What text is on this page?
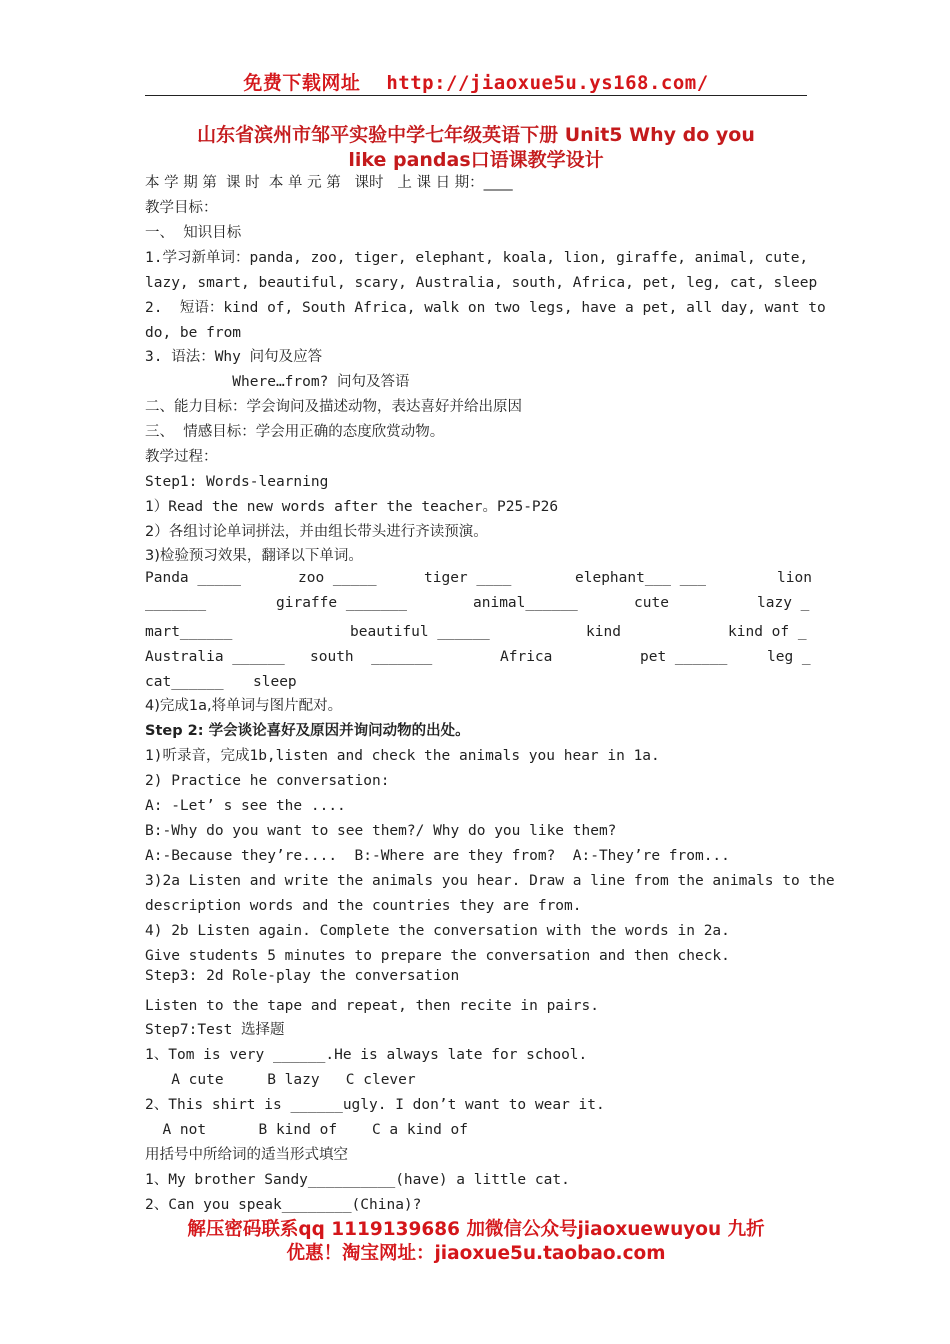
免费下载网址 http://jiaoxue5u.ys168.com/
山东省滨州市邹平实验中学七年级英语下册 Unit5 Why do you
like pandas口语课教学设计
本 学 期 第  课 时  本 单 元 第   课时   上 课 日 期：____
教学目标：
一、  知识目标
1.学习新单词：panda, zoo, tiger, elephant, koala, lion, giraffe, animal, cute,
lazy, smart, beautiful, scary, Australia, south, Africa, pet, leg, cat, sleep
2.  短语：kind of, South Africa, walk on two legs, have a pet, all day, want to
do, be from
3. 语法：Why 问句及应答
Where…from? 问句及答语
二、能力目标：学会询问及描述动物，表达喜好并给出原因
三、  情感目标：学会用正确的态度欣赏动物。
教学过程：
Step1: Words-learning
1）Read the new words after the teacher。P25-P26
2）各组讨论单词拼法，并由组长带头进行齐读预演。
3)检验预习效果，翻译以下单词。
Panda _____	zoo _____	tiger ____	elephant___ ___	lion
_______	giraffe _______	animal______	cute	lazy _
mart______	beautiful ______	kind	kind of _
Australia ______ south  _______	Africa	pet ______	leg _
cat______ sleep
4)完成1a,将单词与图片配对。
Step 2: 学会谈论喜好及原因并询问动物的出处。
1)听录音，完成1b,listen and check the animals you hear in 1a.
2) Practice he conversation:
A: -Let’ s see the ....
B:-Why do you want to see them?/ Why do you like them?
A:-Because they’re....  B:-Where are they from?  A:-They’re from...
3)2a Listen and write the animals you hear. Draw a line from the animals to the
description words and the countries they are from.
4) 2b Listen again. Complete the conversation with the words in 2a.
Give students 5 minutes to prepare the conversation and then check.
Step3: 2d Role-play the conversation
Listen to the tape and repeat, then recite in pairs.
Step7:Test 选择题
1、Tom is very ______.He is always late for school.
A cute     B lazy   C clever
2、This shirt is ______ugly. I don’t want to wear it.
A not      B kind of    C a kind of
用括号中所给词的适当形式填空
1、My brother Sandy__________(have) a little cat.
2、Can you speak________(China)?
解压密码联系qq 1119139686 加微信公众号jiaoxuewuyou 九折
优惠！淘宝网址：jiaoxue5u.taobao.com
